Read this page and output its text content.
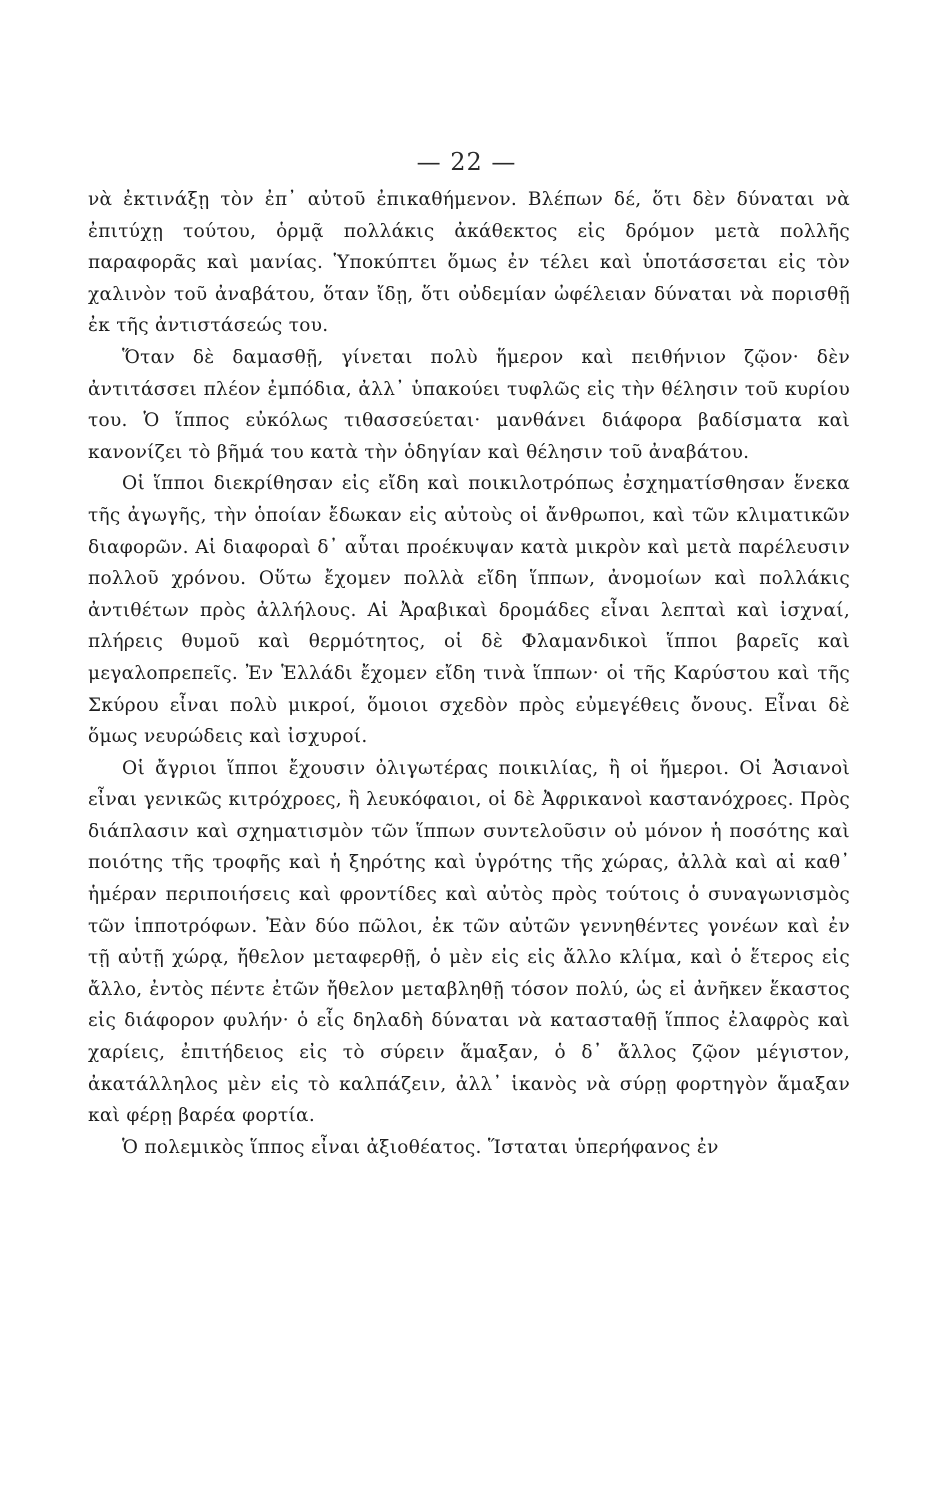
— 22 —

νὰ ἐκτινάξῃ τὸν ἐπ᾽ αὐτοῦ ἐπικαθήμενον. Βλέπων δέ, ὅτι δὲν δύναται νὰ ἐπιτύχῃ τούτου, ὁρμᾷ πολλάκις ἀκάθεκτος εἰς δρόμον μετὰ πολλῆς παραφορᾶς καὶ μανίας. Ὑποκύπτει ὅμως ἐν τέλει καὶ ὑποτάσσεται εἰς τὸν χαλινὸν τοῦ ἀναβάτου, ὅταν ἴδῃ, ὅτι οὐδεμίαν ὠφέλειαν δύναται νὰ πορισθῇ ἐκ τῆς ἀντιστάσεώς του.

Ὅταν δὲ δαμασθῇ, γίνεται πολὺ ἥμερον καὶ πειθήνιον ζῷον· δὲν ἀντιτάσσει πλέον ἐμπόδια, ἀλλ᾽ ὑπακούει τυφλῶς εἰς τὴν θέλησιν τοῦ κυρίου του. Ὁ ἵππος εὐκόλως τιθασσεύεται· μανθάνει διάφορα βαδίσματα καὶ κανονίζει τὸ βῆμά του κατὰ τὴν ὁδηγίαν καὶ θέλησιν τοῦ ἀναβάτου.

Οἱ ἵπποι διεκρίθησαν εἰς εἴδη καὶ ποικιλοτρόπως ἐσχηματίσθησαν ἕνεκα τῆς ἀγωγῆς, τὴν ὁποίαν ἔδωκαν εἰς αὐτοὺς οἱ ἄνθρωποι, καὶ τῶν κλιματικῶν διαφορῶν. Αἱ διαφοραὶ δ᾽ αὗται προέκυψαν κατὰ μικρὸν καὶ μετὰ παρέλευσιν πολλοῦ χρόνου. Οὕτω ἔχομεν πολλὰ εἴδη ἵππων, ἀνομοίων καὶ πολλάκις ἀντιθέτων πρὸς ἀλλήλους. Αἱ Ἀραβικαὶ δρομάδες εἶναι λεπταὶ καὶ ἰσχναί, πλήρεις θυμοῦ καὶ θερμότητος, οἱ δὲ Φλαμανδικοὶ ἵπποι βαρεῖς καὶ μεγαλοπρεπεῖς. Ἐν Ἑλλάδι ἔχομεν εἴδη τινὰ ἵππων· οἱ τῆς Καρύστου καὶ τῆς Σκύρου εἶναι πολὺ μικροί, ὅμοιοι σχεδὸν πρὸς εὐμεγέθεις ὄνους. Εἶναι δὲ ὅμως νευρώδεις καὶ ἰσχυροί.

Οἱ ἄγριοι ἵπποι ἔχουσιν ὀλιγωτέρας ποικιλίας, ἢ οἱ ἥμεροι. Οἱ Ἀσιανοὶ εἶναι γενικῶς κιτρόχροες, ἢ λευκόφαιοι, οἱ δὲ Ἀφρικανοὶ καστανόχροες. Πρὸς διάπλασιν καὶ σχηματισμὸν τῶν ἵππων συντελοῦσιν οὐ μόνον ἡ ποσότης καὶ ποιότης τῆς τροφῆς καὶ ἡ ξηρότης καὶ ὑγρότης τῆς χώρας, ἀλλὰ καὶ αἱ καθ᾽ ἡμέραν περιποιήσεις καὶ φροντίδες καὶ αὐτὸς πρὸς τούτοις ὁ συναγωνισμὸς τῶν ἱπποτρόφων. Ἐὰν δύο πῶλοι, ἐκ τῶν αὐτῶν γεννηθέντες γονέων καὶ ἐν τῇ αὐτῇ χώρᾳ, ἤθελον μεταφερθῇ, ὁ μὲν εἰς εἰς ἄλλο κλίμα, καὶ ὁ ἕτερος εἰς ἄλλο, ἐντὸς πέντε ἐτῶν ἤθελον μεταβληθῇ τόσον πολύ, ὡς εἰ ἀνῆκεν ἕκαστος εἰς διάφορον φυλήν· ὁ εἷς δηλαδὴ δύναται νὰ κατασταθῇ ἵππος ἐλαφρὸς καὶ χαρίεις, ἐπιτήδειος εἰς τὸ σύρειν ἅμαξαν, ὁ δ᾽ ἄλλος ζῷον μέγιστον, ἀκατάλληλος μὲν εἰς τὸ καλπάζειν, ἀλλ᾽ ἱκανὸς νὰ σύρῃ φορτηγὸν ἅμαξαν καὶ φέρῃ βαρέα φορτία.

Ὁ πολεμικὸς ἵππος εἶναι ἀξιοθέατος. Ἵσταται ὑπερήφανος ἐν
